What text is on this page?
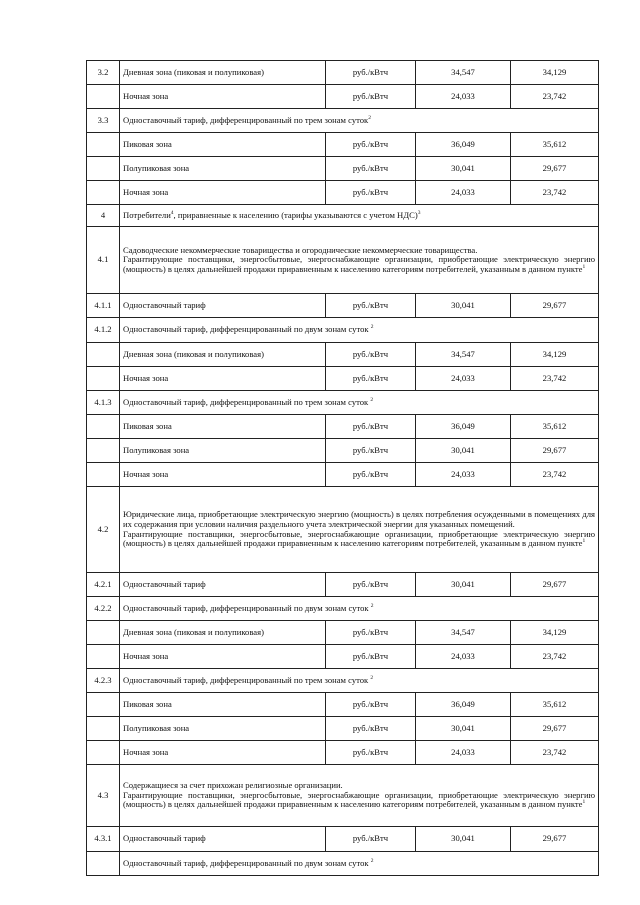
3.2	Дневная зона (пиковая и полупиковая)	руб./кВтч	34,547	34,129
	Ночная зона	руб./кВтч	24,033	23,742
3.3	Одноставочный тариф, дифференцированный по трем зонам суток$^2$
	Пиковая зона	руб./кВтч	36,049	35,612
	Полупиковая зона	руб./кВтч	30,041	29,677
	Ночная зона	руб./кВтч	24,033	23,742
4	Потребители$^4$, приравненные к населению (тарифы указываются с учетом НДС)$^3$
4.1	Садоводческие некоммерческие товарищества и огороднические некоммерческие товарищества.
Гарантирующие поставщики, энергосбытовые, энергоснабжающие организации, приобретающие электрическую энергию (мощность) в целях дальнейшей продажи приравненным к населению категориям потребителей, указанным в данном пункте$^1$
4.1.1	Одноставочный тариф	руб./кВтч	30,041	29,677
4.1.2	Одноставочный тариф, дифференцированный по двум зонам суток $^2$
	Дневная зона (пиковая и полупиковая)	руб./кВтч	34,547	34,129
	Ночная зона	руб./кВтч	24,033	23,742
4.1.3	Одноставочный тариф, дифференцированный по трем зонам суток $^2$
	Пиковая зона	руб./кВтч	36,049	35,612
	Полупиковая зона	руб./кВтч	30,041	29,677
	Ночная зона	руб./кВтч	24,033	23,742
4.2	Юридические лица, приобретающие электрическую энергию (мощность) в целях потребления осужденными в помещениях для их содержания при условии наличия раздельного учета электрической энергии для указанных помещений.
Гарантирующие поставщики, энергосбытовые, энергоснабжающие организации, приобретающие электрическую энергию (мощность) в целях дальнейшей продажи приравненным к населению категориям потребителей, указанным в данном пункте$^1$
4.2.1	Одноставочный тариф	руб./кВтч	30,041	29,677
4.2.2	Одноставочный тариф, дифференцированный по двум зонам суток $^2$
	Дневная зона (пиковая и полупиковая)	руб./кВтч	34,547	34,129
	Ночная зона	руб./кВтч	24,033	23,742
4.2.3	Одноставочный тариф, дифференцированный по трем зонам суток $^2$
	Пиковая зона	руб./кВтч	36,049	35,612
	Полупиковая зона	руб./кВтч	30,041	29,677
	Ночная зона	руб./кВтч	24,033	23,742
4.3	Содержащиеся за счет прихожан религиозные организации.
Гарантирующие поставщики, энергосбытовые, энергоснабжающие организации, приобретающие электрическую энергию (мощность) в целях дальнейшей продажи приравненным к населению категориям потребителей, указанным в данном пункте$^1$
4.3.1	Одноставочный тариф	руб./кВтч	30,041	29,677
	Одноставочный тариф, дифференцированный по двум зонам суток $^2$
